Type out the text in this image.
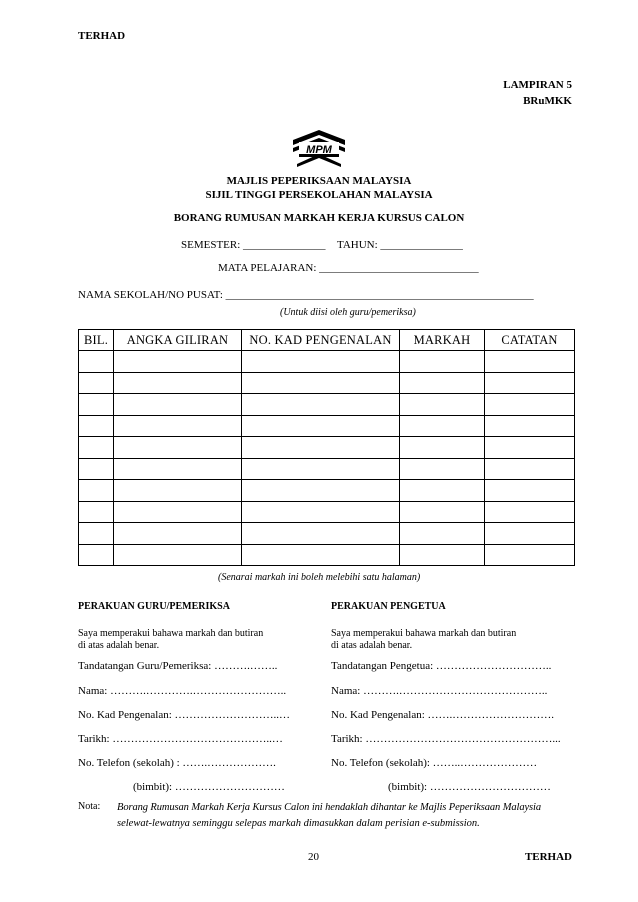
TERHAD
LAMPIRAN 5
BRuMKK
MPM
MAJLIS PEPERIKSAAN MALAYSIA
SIJIL TINGGI PERSEKOLAHAN MALAYSIA
BORANG RUMUSAN MARKAH KERJA KURSUS CALON
SEMESTER: _______________ TAHUN: _______________
MATA PELAJARAN: _____________________________
NAMA SEKOLAH/NO PUSAT: ________________________________________________________
(Untuk diisi oleh guru/pemeriksa)
BIL.	ANGKA GILIRAN	NO. KAD PENGENALAN	MARKAH	CATATAN

(Senarai markah ini boleh melebihi satu halaman)
PERAKUAN GURU/PEMERIKSA
Saya memperakui bahawa markah dan butiran
di atas adalah benar.
Tandatangan Guru/Pemeriksa: ……….……..
Nama: ……….………….……………………..
No. Kad Pengenalan: ………………………..…
Tarikh: ……………………………………..…
No. Telefon (sekolah) : …….……………….
(bimbit): …………………………
PERAKUAN PENGETUA
Saya memperakui bahawa markah dan butiran
di atas adalah benar.
Tandatangan Pengetua: …………………………..
Nama: ……….…………………………………..
No. Kad Pengenalan: …….……………………….
Tarikh: ……………………………………………...
No. Telefon (sekolah): ……..…………………
(bimbit): ……………………………
Nota: Borang Rumusan Markah Kerja Kursus Calon ini hendaklah dihantar ke Majlis Peperiksaan Malaysia
selewat-lewatnya seminggu selepas markah dimasukkan dalam perisian e-submission.
20	TERHAD
